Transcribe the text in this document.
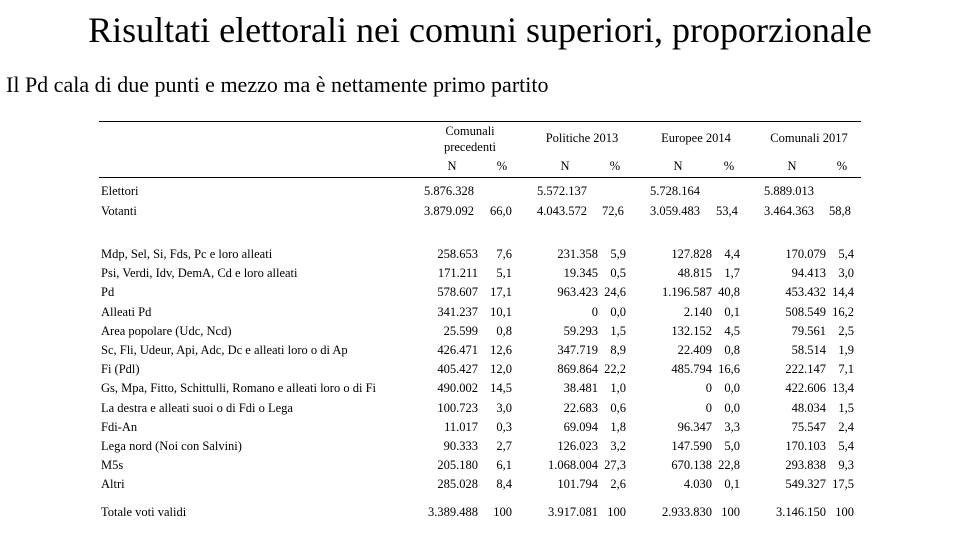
Risultati elettorali nei comuni superiori, proporzionale
Il Pd cala di due punti e mezzo ma è nettamente primo partito
Comunali
precedenti
Politiche 2013	Europee 2014	Comunali 2017
N	%	N	%	N	%	N	%
Elettori	5.876.328	5.572.137	5.728.164	5.889.013
Votanti	3.879.092	66,0	4.043.572	72,6	3.059.483	53,4	3.464.363	58,8
Mdp, Sel, Si, Fds, Pc e loro alleati	258.653	7,6	231.358 5,9	127.828 4,4	170.079 5,4
Psi, Verdi, Idv, DemA, Cd e loro alleati	171.211	5,1	19.345 0,5	48.815 1,7	94.413 3,0
Pd	578.607 17,1	963.423 24,6	1.196.587 40,8	453.432 14,4
Alleati Pd	341.237 10,1	0 0,0	2.140 0,1	508.549 16,2
Area popolare (Udc, Ncd)	25.599	0,8	59.293 1,5	132.152 4,5	79.561 2,5
Sc, Fli, Udeur, Api, Adc, Dc e alleati loro o di Ap	426.471 12,6	347.719 8,9	22.409 0,8	58.514 1,9
Fi (Pdl)	405.427 12,0	869.864 22,2	485.794 16,6	222.147 7,1
Gs, Mpa, Fitto, Schittulli, Romano e alleati loro o di Fi	490.002 14,5	38.481 1,0	0 0,0	422.606 13,4
La destra e alleati suoi o di Fdi o Lega	100.723	3,0	22.683 0,6	0 0,0	48.034 1,5
Fdi-An	11.017	0,3	69.094 1,8	96.347 3,3	75.547 2,4
Lega nord (Noi con Salvini)	90.333	2,7	126.023 3,2	147.590 5,0	170.103 5,4
M5s	205.180	6,1	1.068.004 27,3	670.138 22,8	293.838 9,3
Altri	285.028	8,4	101.794 2,6	4.030 0,1	549.327 17,5
Totale voti validi	3.389.488	100	3.917.081 100	2.933.830 100	3.146.150 100
